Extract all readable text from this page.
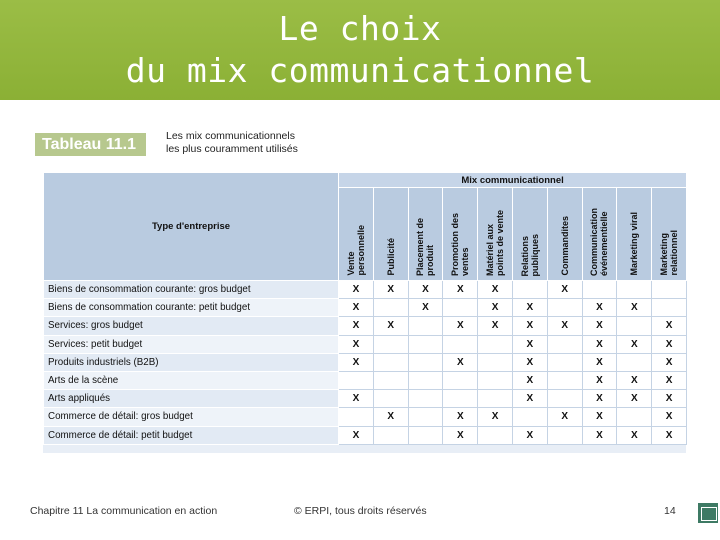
Le choix
du mix communicationnel
Tableau 11.1	Les mix communicationnels
les plus couramment utilisés
Type d'entreprise	Mix communicationnel									

	Vente
personnelle	Publicité	Placement de
produit	Promotion des
ventes	Matériel aux
points de vente	Relations
publiques	Commandites	Communication
événementielle	Marketing viral	Marketing
relationnel

Biens de consommation courante: gros budget	X	X	X	X	X		X			
Biens de consommation courante: petit budget	X		X		X	X		X	X	
Services: gros budget	X	X		X	X	X	X	X		X
Services: petit budget	X					X		X	X	X
Produits industriels (B2B)	X			X		X		X		X
Arts de la scène						X		X	X	X
Arts appliqués	X					X		X	X	X
Commerce de détail: gros budget		X		X	X		X	X		X
Commerce de détail: petit budget	X			X		X		X	X	X
Chapitre 11 La communication en action	© ERPI, tous droits réservés	14
